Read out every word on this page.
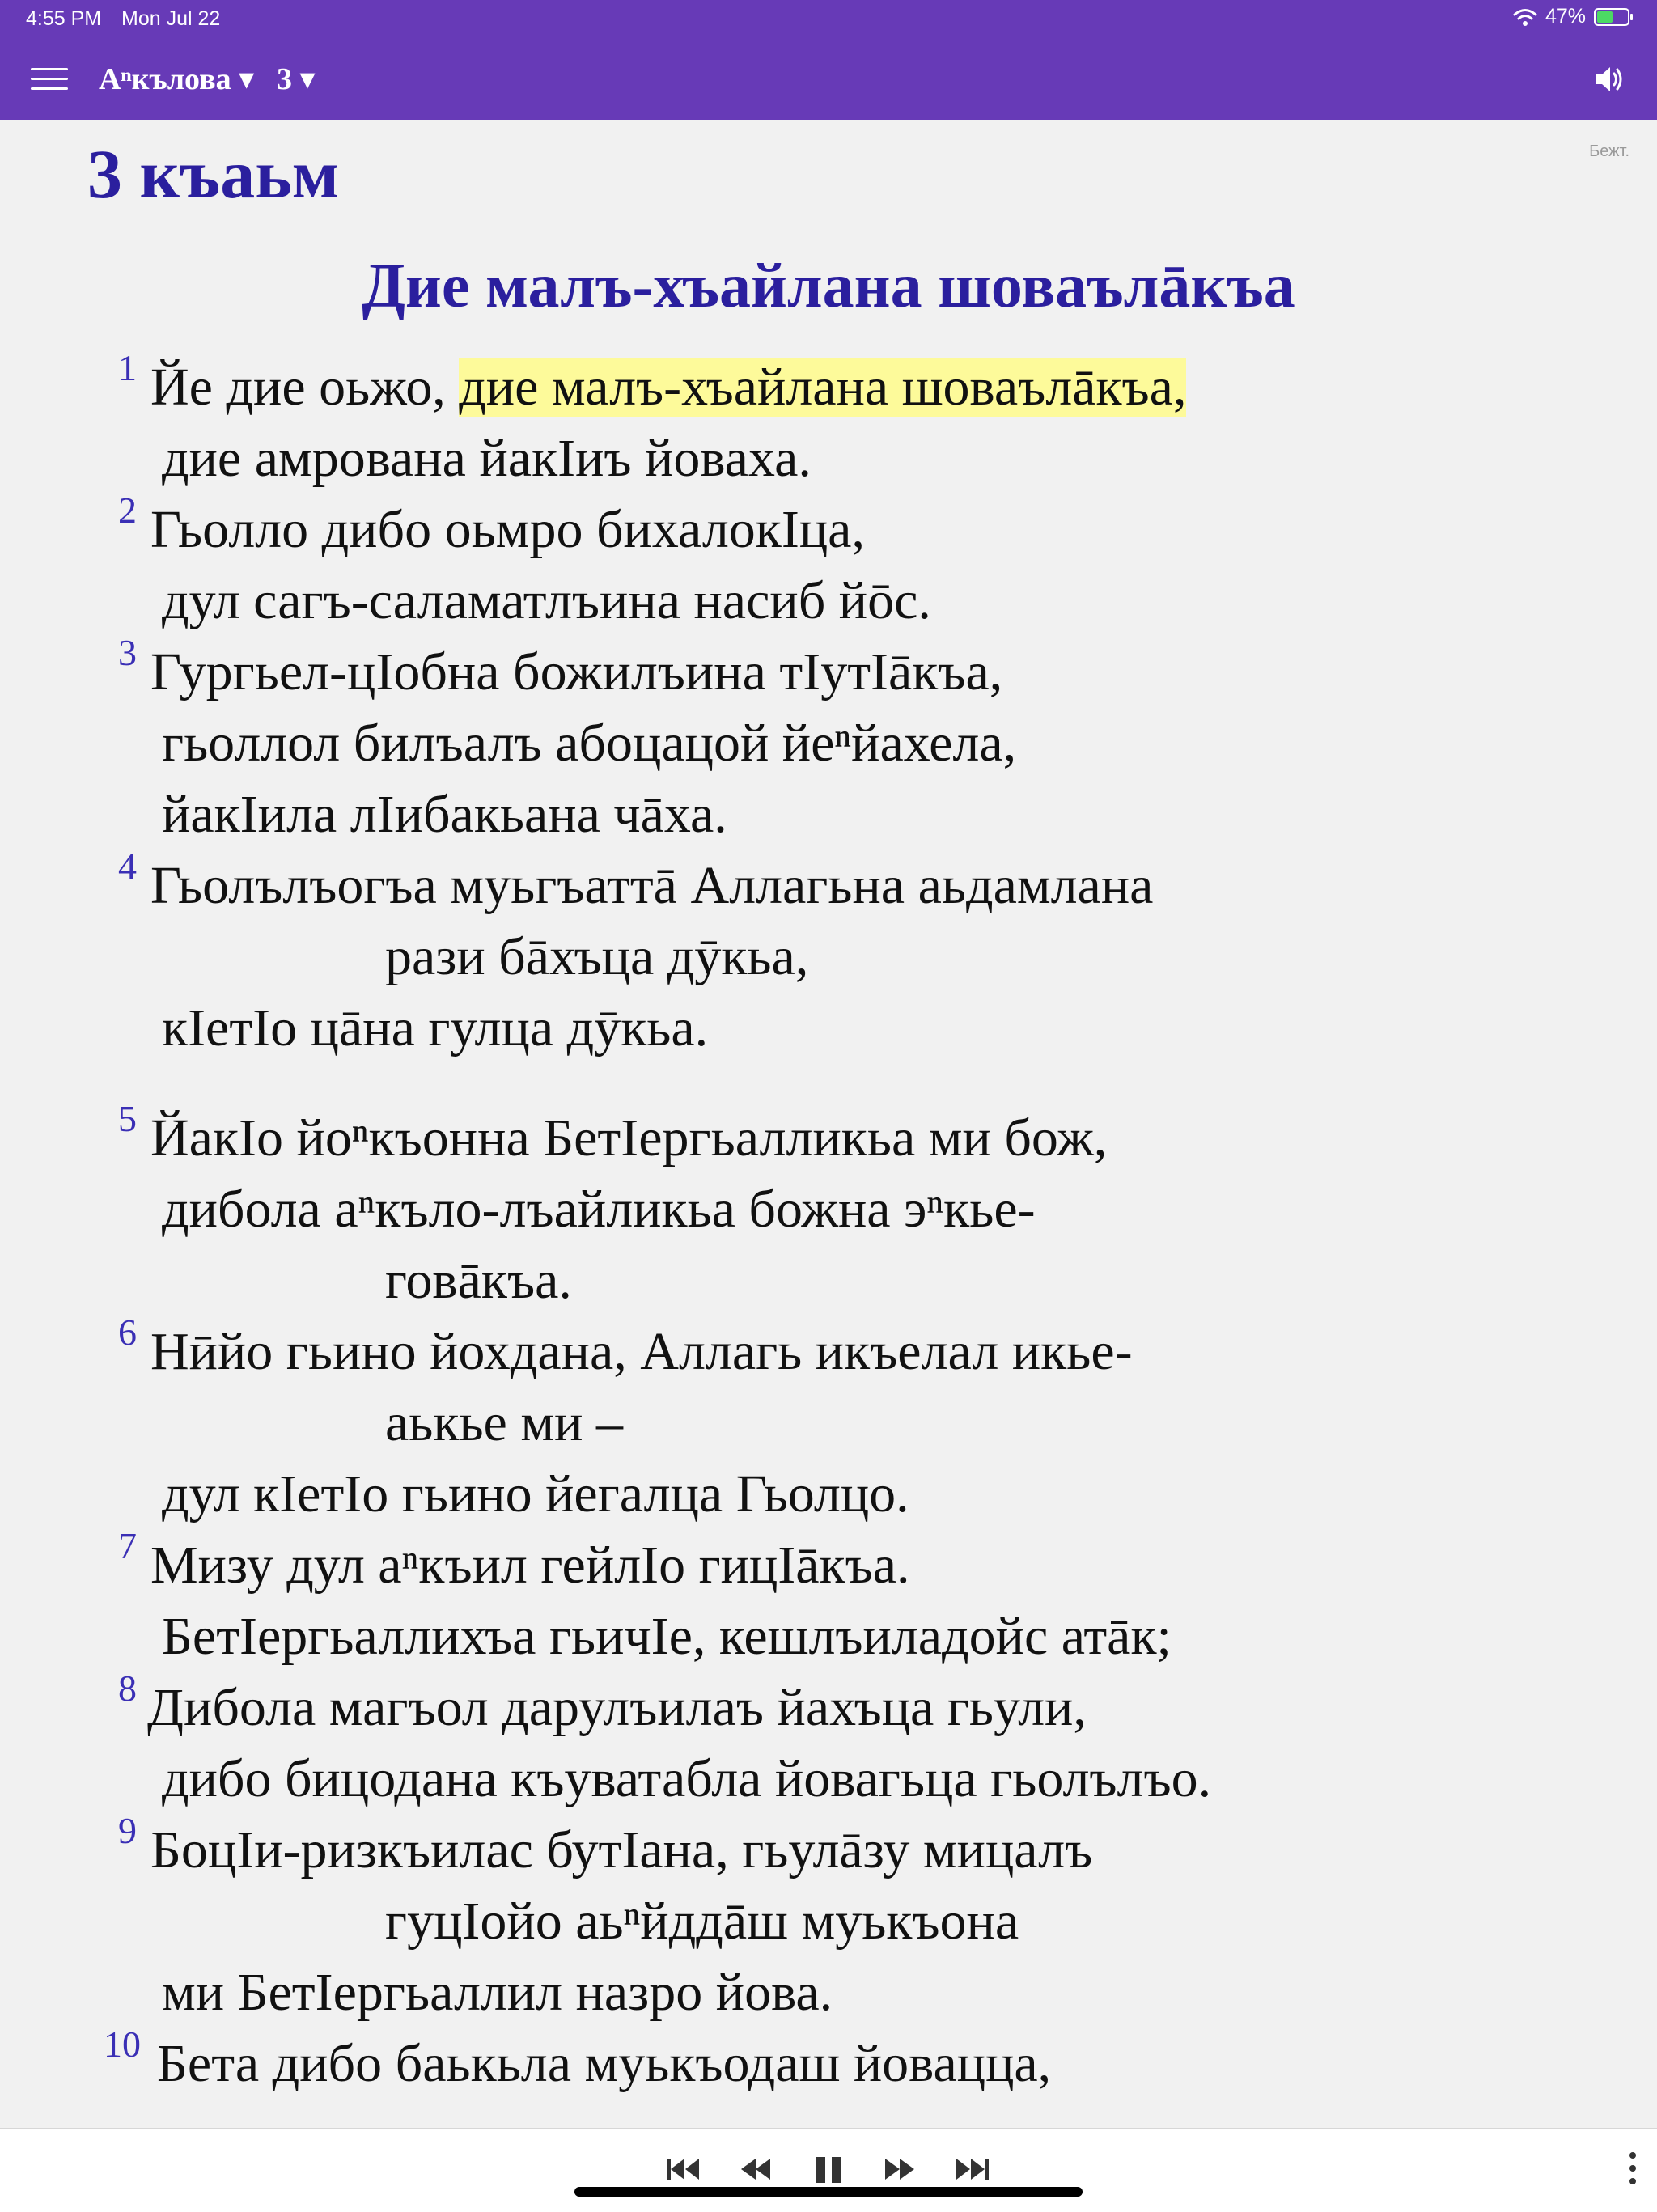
4:55 PM Mon Jul 22	47%
Аⁿкълова ▾ 3 ▾
Бежт.
3 къаьм
Дие малъ-хъайлана шоваълāкъа
1 Йе дие оьжо, дие малъ-хъайлана шоваълāкъа,
дие амрована йакIиъ йоваха.
2 Гьолло дибо оьмро бихалокIца,
дул сагъ-саламатлъина насиб йōс.
3 Гургьел-цIобна божилъина тIутIāкъа,
гьоллол билъалъ абоцацой йеⁿйахела,
йакIила лIибакьана чāха.
4 Гьолълъогъа муьгъаттā Аллагьна аьдамлана
рази бāхъца дӯкьа,
кIетIо цāна гулца дӯкьа.
5 ЙакIо йоⁿкъонна БетIергьалликьа ми бож,
дибола аⁿкъло-лъайликьа божна эⁿкье-
говāкъа.
6 Нӣйо гьино йохдана, Аллагь икъелал икье-
аькье ми –
дул кIетIо гьино йегалца Гьолцо.
7 Мизу дул аⁿкъил гейлIо гицIāкъа.
БетIергьаллихъа гьичIе, кешлъиладойс атāк;
8 Дибола магъол дарулъилаъ йахъца гьули,
дибо бицодана къуватабла йовагьца гьолълъо.
9 БоцIи-ризкъилас бутIана, гьулāзу мицалъ
гуцIойо аьⁿйддāш муькъона
ми БетIергьаллил назро йова.
10 Бета дибо баькьла муькъодаш йовацца,
